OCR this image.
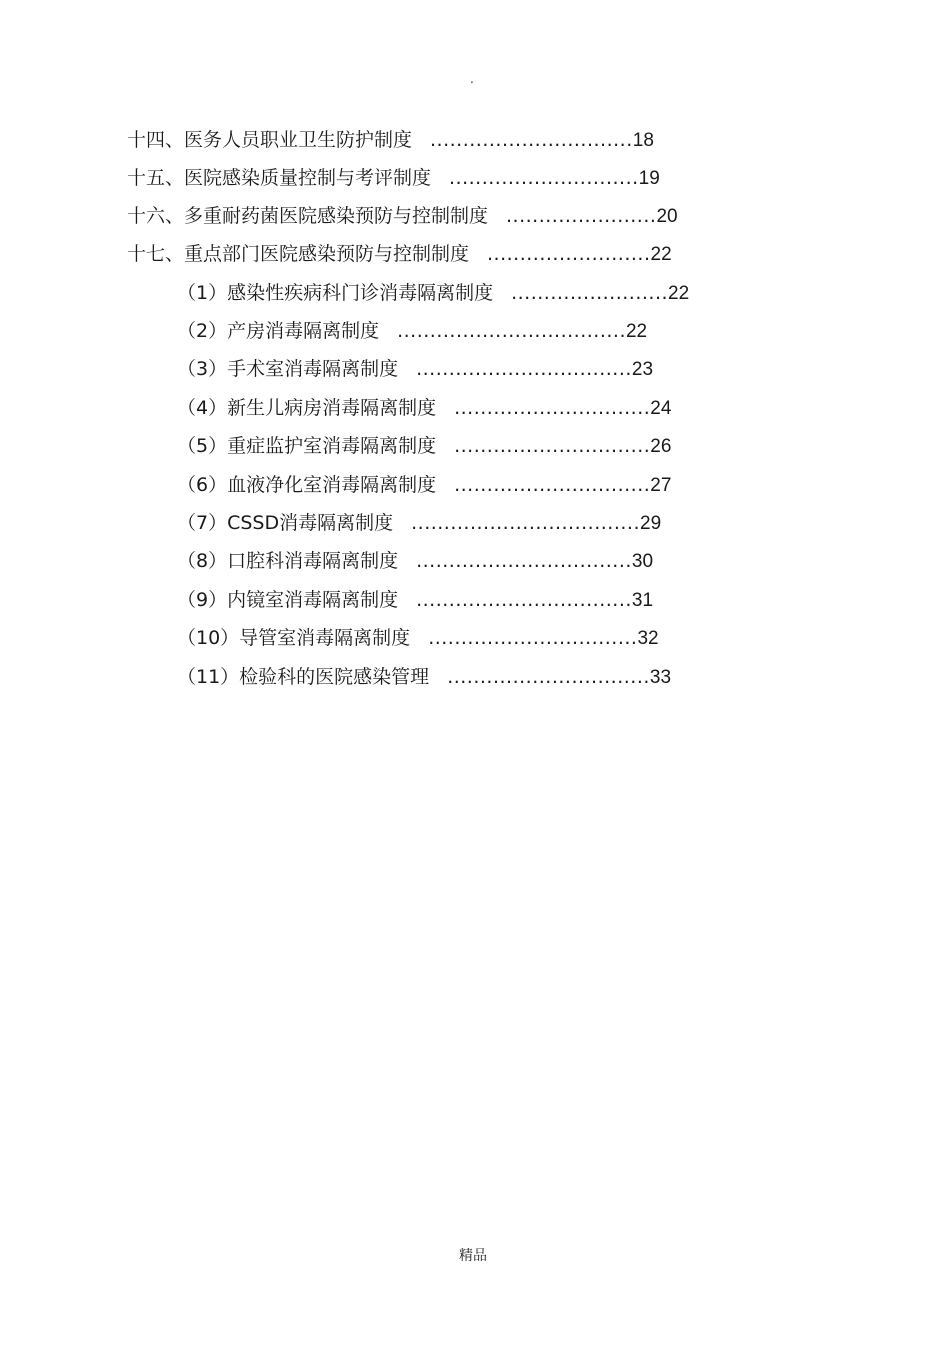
.
十四、医务人员职业卫生防护制度 ...............................18
十五、医院感染质量控制与考评制度 .............................19
十六、多重耐药菌医院感染预防与控制制度 .......................20
十七、重点部门医院感染预防与控制制度 .........................22
（1）感染性疾病科门诊消毒隔离制度 ........................22
（2）产房消毒隔离制度 ...................................22
（3）手术室消毒隔离制度 .................................23
（4）新生儿病房消毒隔离制度 ..............................24
（5）重症监护室消毒隔离制度 ..............................26
（6）血液净化室消毒隔离制度 ..............................27
（7）CSSD消毒隔离制度 ...................................29
（8）口腔科消毒隔离制度 .................................30
（9）内镜室消毒隔离制度 .................................31
（10）导管室消毒隔离制度 ................................32
（11）检验科的医院感染管理 ...............................33
精品
